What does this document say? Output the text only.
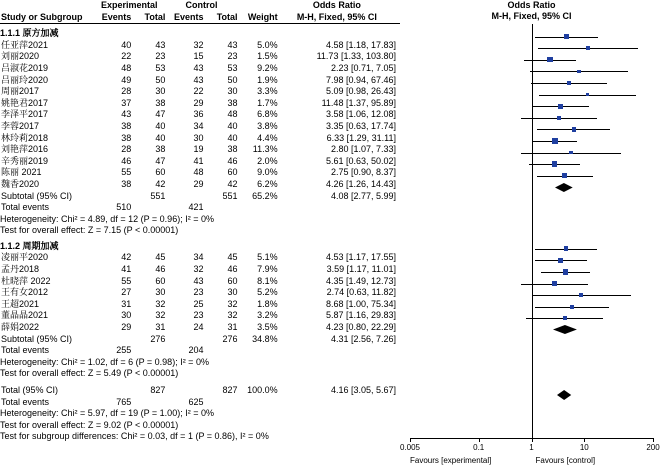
	Experimental		Control			Odds Ratio
Study or Subgroup	Events	Total	Events	Total	Weight	M-H, Fixed, 95% CI
1.1.1 原方加减						
任亚萍2021	40	43	32	43	5.0%	4.58 [1.18, 17.83]
刘丽2020	22	23	15	23	1.5%	11.73 [1.33, 103.80]
吕淑花2019	48	53	43	53	9.2%	2.23 [0.71, 7.05]
吕丽玲2020	49	50	43	50	1.9%	7.98 [0.94, 67.46]
周丽2017	28	30	22	30	3.3%	5.09 [0.98, 26.43]
姚艳君2017	37	38	29	38	1.7%	11.48 [1.37, 95.89]
李泽平2017	43	47	36	48	6.8%	3.58 [1.06, 12.08]
李蓉2017	38	40	34	40	3.8%	3.35 [0.63, 17.74]
林玲莉2018	38	40	30	40	4.4%	6.33 [1.29, 31.11]
刘艳萍2016	28	38	19	38	11.3%	2.80 [1.07, 7.33]
辛秀丽2019	46	47	41	46	2.0%	5.61 [0.63, 50.02]
陈丽 2021	55	60	48	60	9.0%	2.75 [0.90, 8.37]
魏香2020	38	42	29	42	6.2%	4.26 [1.26, 14.43]
Subtotal (95% CI)		551		551	65.2%	4.08 [2.77, 5.99]
Total events	510		421			
Heterogeneity: Chi² = 4.89, df = 12 (P = 0.96); I² = 0%						
Test for overall effect: Z = 7.15 (P < 0.00001)						
1.1.2 周期加减						
凌丽平2020	42	45	34	45	5.1%	4.53 [1.17, 17.55]
孟丹2018	41	46	32	46	7.9%	3.59 [1.17, 11.01]
杜晓萍 2022	55	60	43	60	8.1%	4.35 [1.49, 12.73]
王有女2012	27	30	23	30	5.2%	2.74 [0.63, 11.82]
王超2021	31	32	25	32	1.8%	8.68 [1.00, 75.34]
董晶晶2021	30	32	23	32	3.2%	5.87 [1.16, 29.83]
薛娟2022	29	31	24	31	3.5%	4.23 [0.80, 22.29]
Subtotal (95% CI)		276		276	34.8%	4.31 [2.56, 7.26]
Total events	255		204			
Heterogeneity: Chi² = 1.02, df = 6 (P = 0.98); I² = 0%						
Test for overall effect: Z = 5.49 (P < 0.00001)						

Total (95% CI)		827		827	100.0%	4.16 [3.05, 5.67]
Total events	765		625			
Heterogeneity: Chi² = 5.97, df = 19 (P = 1.00); I² = 0%						
Test for overall effect: Z = 9.02 (P < 0.00001)						
Test for subgroup differences: Chi² = 0.03, df = 1 (P = 0.86), I² = 0%						
Odds Ratio
M-H, Fixed, 95% CI
0.005	0.1	1	10	200
Favours [experimental]	Favours [control]
